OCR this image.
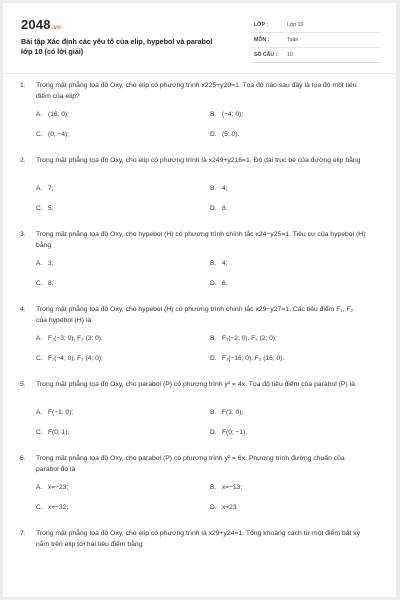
2048.vn
Bài tập Xác định các yếu tố của elip, hypebol và parabol lớp 10 (có lời giải)
LỚP :	Lớp 10
MÔN :	Toán
SỐ CÂU : 10
1. Trong mặt phẳng tọa độ Oxy, cho elip có phương trình x225+y29=1. Tọa độ nào sau đây là tọa độ một tiêu điểm của elip?
A. (16; 0);	B. (−4; 0);
C. (0; −4);	D. (5; 0).
2. Trong mặt phẳng tọa độ Oxy, cho elip có phương trình là x249+y216=1. Độ dài trục bé của đường elip bằng
A. 7;	B. 4;
C. 5;	D. 8.
3. Trong mặt phẳng tọa độ Oxy, cho hypebol (H) có phương trình chính tắc x24−y25=1. Tiêu cự của hypebol (H) bằng
A. 3;	B. 4;
C. 8;	D. 6.
4. Trong mặt phẳng tọa độ Oxy, cho hypebol (H) có phương trình chính tắc x29−y27=1. Các tiêu điểm F₁, F₂ của hypebol (H) là
A. F₁(−3; 0), F₂ (3; 0);	B. F₁(−2; 0), F₂ (2; 0);
C. F₁(−4; 0), F₂ (4; 0);	D. F₁(−16; 0), F₂ (16; 0).
5. Trong mặt phẳng tọa độ Oxy, cho parabol (P) có phương trình y² = 4x. Tọa độ tiêu điểm của parabol (P) là
A. F(−1; 0);	B. F(1; 0);
C. F(0; 1);	D. F(0; −1).
6. Trong mặt phẳng tọa độ Oxy, cho parabol (P) có phương trình y² = 6x. Phương trình đường chuẩn của parabol đó là
A. x=−23;	B. x=−13;
C. x=−32;	D. x=23
7. Trong mặt phẳng tọa độ Oxy, cho elip có phương trình là x29+y24=1. Tổng khoảng cách từ một điểm bất kỳ nằm trên elip tới hai tiêu điểm bằng
